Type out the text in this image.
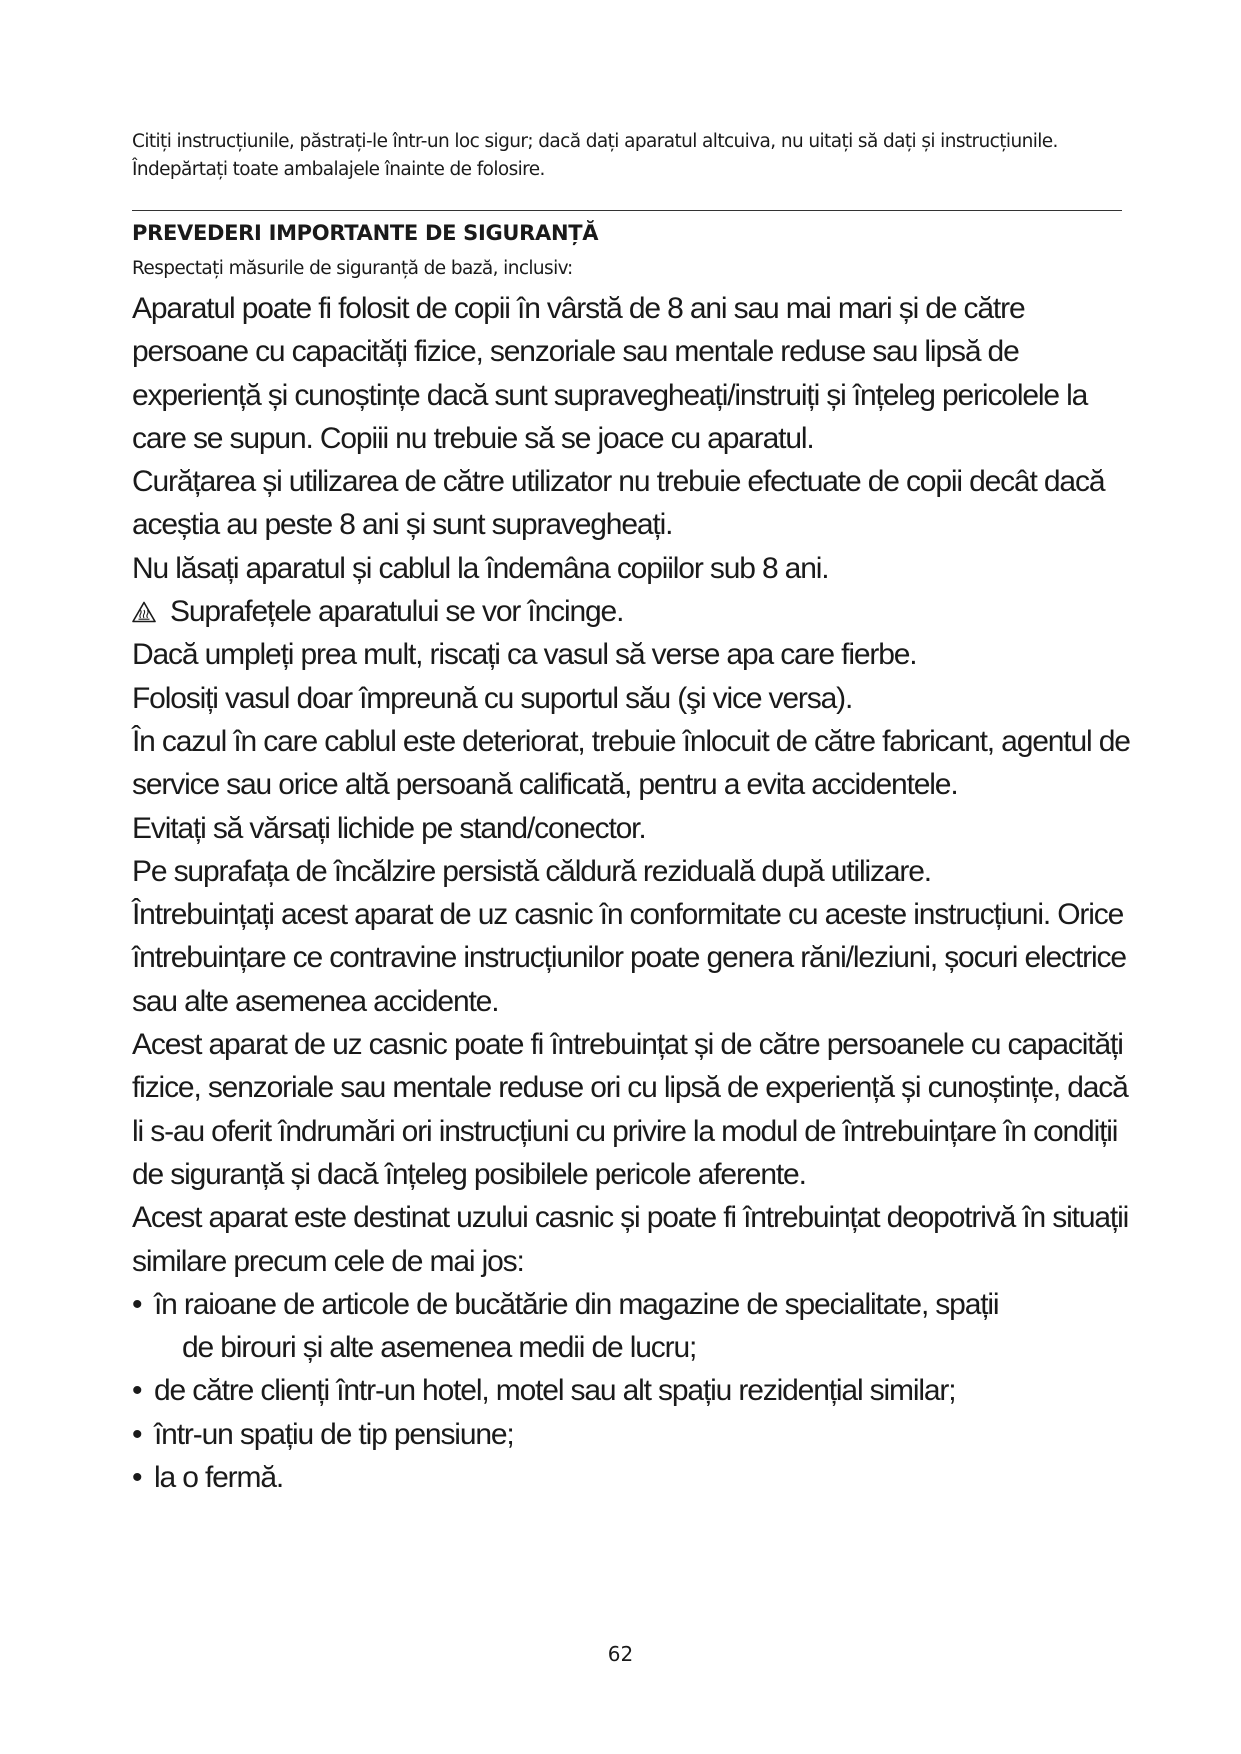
Citiți instrucțiunile, păstrați-le într-un loc sigur; dacă dați aparatul altcuiva, nu uitați să dați și instrucțiunile.
Îndepărtați toate ambalajele înainte de folosire.
PREVEDERI IMPORTANTE DE SIGURANȚĂ
Respectați măsurile de siguranță de bază, inclusiv:

Aparatul poate fi folosit de copii în vârstă de 8 ani sau mai mari și de către persoane cu capacități fizice, senzoriale sau mentale reduse sau lipsă de experiență și cunoștințe dacă sunt supravegheați/instruiți și înțeleg pericolele la care se supun. Copiii nu trebuie să se joace cu aparatul.

Curățarea și utilizarea de către utilizator nu trebuie efectuate de copii decât dacă aceștia au peste 8 ani și sunt supravegheați.

Nu lăsați aparatul și cablul la îndemâna copiilor sub 8 ani.

Suprafețele aparatului se vor încinge.

Dacă umpleți prea mult, riscați ca vasul să verse apa care fierbe.

Folosiți vasul doar împreună cu suportul său (şi vice versa).

În cazul în care cablul este deteriorat, trebuie înlocuit de către fabricant, agentul de service sau orice altă persoană calificată, pentru a evita accidentele.

Evitați să vărsați lichide pe stand/conector.

Pe suprafața de încălzire persistă căldură reziduală după utilizare.

Întrebuințați acest aparat de uz casnic în conformitate cu aceste instrucțiuni. Orice întrebuințare ce contravine instrucțiunilor poate genera răni/leziuni, șocuri electrice sau alte asemenea accidente.

Acest aparat de uz casnic poate fi întrebuințat și de către persoanele cu capacități fizice, senzoriale sau mentale reduse ori cu lipsă de experiență și cunoștințe, dacă li s-au oferit îndrumări ori instrucțiuni cu privire la modul de întrebuințare în condiții de siguranță și dacă înțeleg posibilele pericole aferente.

Acest aparat este destinat uzului casnic și poate fi întrebuințat deopotrivă în situații similare precum cele de mai jos:

• în raioane de articole de bucătărie din magazine de specialitate, spații
de birouri și alte asemenea medii de lucru;
• de către clienți într-un hotel, motel sau alt spațiu rezidențial similar;
• într-un spațiu de tip pensiune;
• la o fermă.
62
